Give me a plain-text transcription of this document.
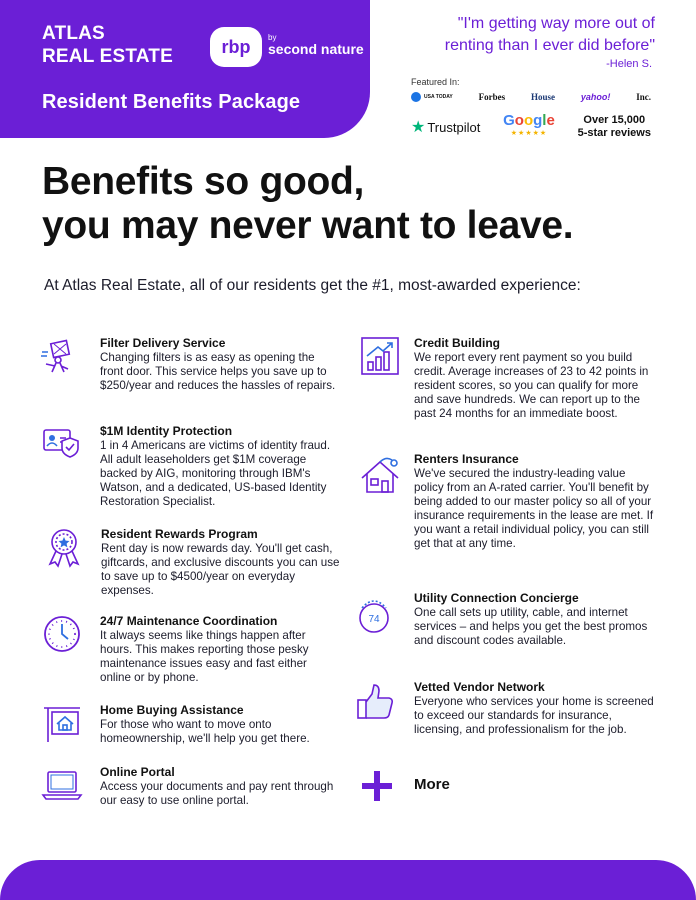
ATLAS
REAL ESTATE	rbp	by
second nature
Resident Benefits Package
"I'm getting way more out of renting than I ever did before"
-Helen S.
Featured In:
USA TODAY	Forbes	House	yahoo!	Inc.
★ Trustpilot Google
★★★★★
Over 15,000
5-star reviews
Benefits so good,
you may never want to leave.
At Atlas Real Estate, all of our residents get the #1, most-awarded experience:
74
Filter Delivery Service
Changing filters is as easy as opening the front door. This service helps you save up to $250/year and reduces the hassles of repairs.
$1M Identity Protection
1 in 4 Americans are victims of identity fraud. All adult leaseholders get $1M coverage backed by AIG, monitoring through IBM's Watson, and a dedicated, US-based Identity Restoration Specialist.
Resident Rewards Program
Rent day is now rewards day. You'll get cash, giftcards, and exclusive discounts you can use to save up to $4500/year on everyday expenses.
24/7 Maintenance Coordination
It always seems like things happen after hours. This makes reporting those pesky maintenance issues easy and fast either online or by phone.
Home Buying Assistance
For those who want to move onto homeownership, we'll help you get there.
Online Portal
Access your documents and pay rent through our easy to use online portal.
Credit Building
We report every rent payment so you build credit. Average increases of 23 to 42 points in resident scores, so you can qualify for more and save hundreds. We can report up to the past 24 months for an immediate boost.
Renters Insurance
We've secured the industry-leading value policy from an A-rated carrier. You'll benefit by being added to our master policy so all of your insurance requirements in the lease are met. If you want a retail individual policy, you can still get that at any time.
Utility Connection Concierge
One call sets up utility, cable, and internet services – and helps you get the best promos and discount codes available.
Vetted Vendor Network
Everyone who services your home is screened to exceed our standards for insurance, licensing, and professionalism for the job.
More
